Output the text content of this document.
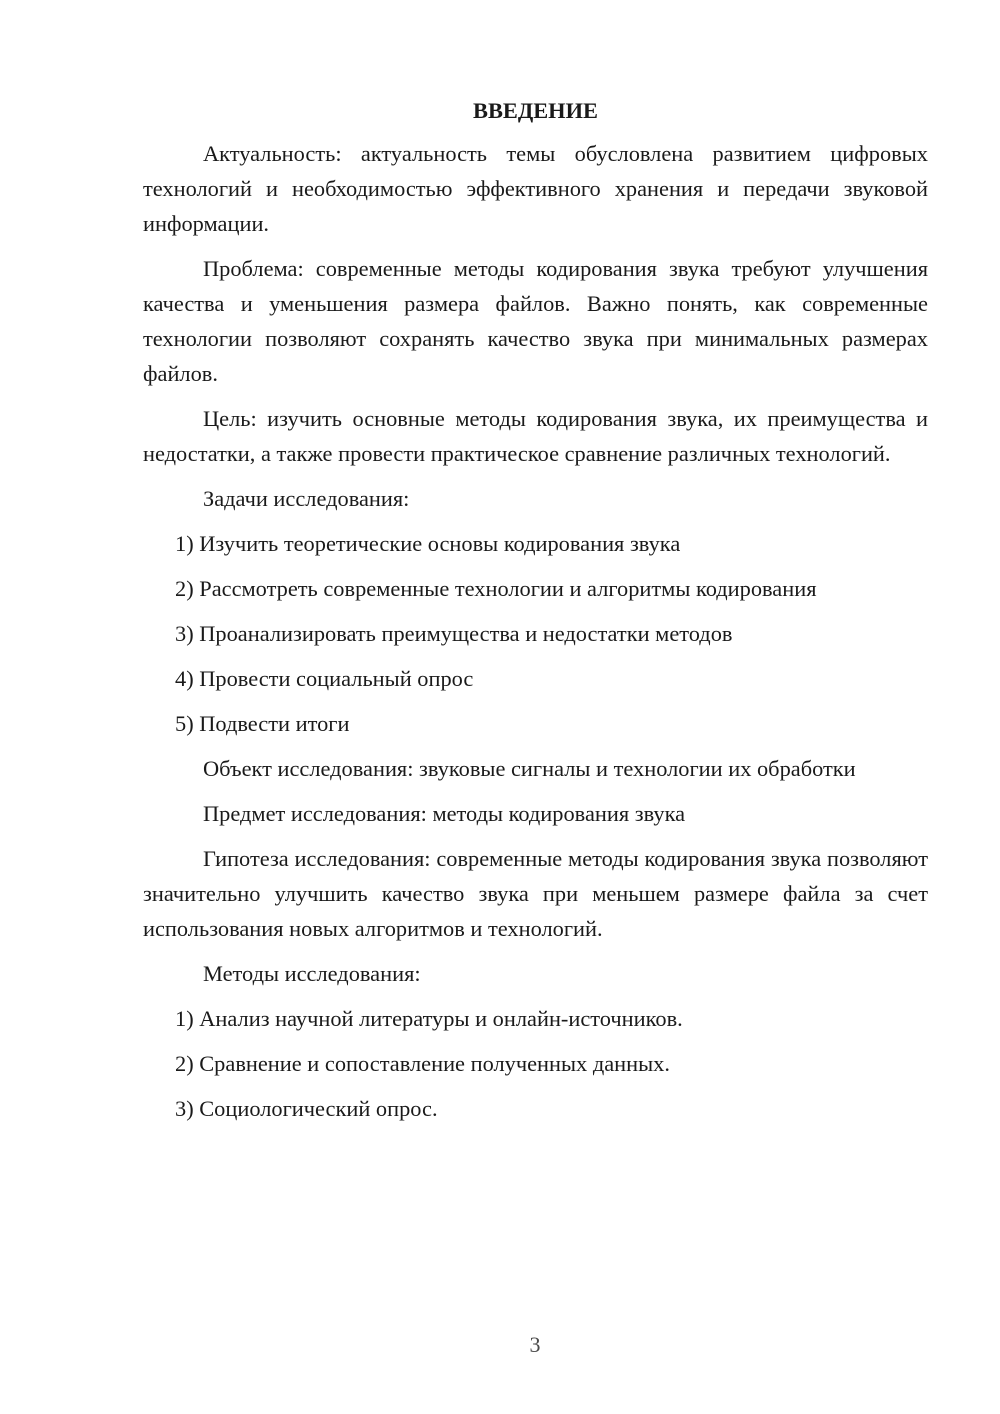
ВВЕДЕНИЕ

Актуальность: актуальность темы обусловлена развитием цифровых технологий и необходимостью эффективного хранения и передачи звуковой информации.

Проблема: современные методы кодирования звука требуют улучшения качества и уменьшения размера файлов. Важно понять, как современные технологии позволяют сохранять качество звука при минимальных размерах файлов.

Цель: изучить основные методы кодирования звука, их преимущества и недостатки, а также провести практическое сравнение различных технологий.

Задачи исследования:
1) Изучить теоретические основы кодирования звука
2) Рассмотреть современные технологии и алгоритмы кодирования
3) Проанализировать преимущества и недостатки методов
4) Провести социальный опрос
5) Подвести итоги

Объект исследования: звуковые сигналы и технологии их обработки

Предмет исследования: методы кодирования звука

Гипотеза исследования: современные методы кодирования звука позволяют значительно улучшить качество звука при меньшем размере файла за счет использования новых алгоритмов и технологий.

Методы исследования:
1) Анализ научной литературы и онлайн-источников.
2) Сравнение и сопоставление полученных данных.
3) Социологический опрос.
3
